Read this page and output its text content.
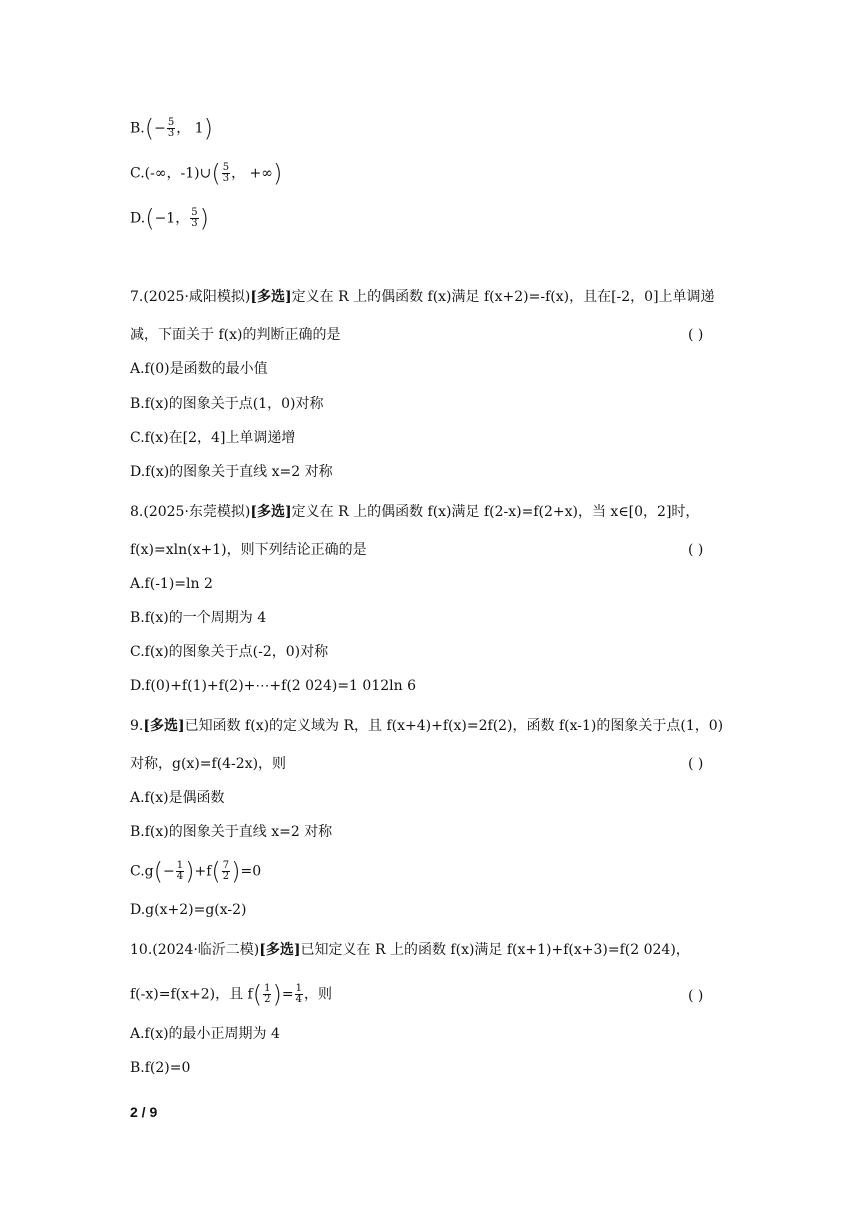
$B.(- \frac{5}{3}$ ， 1)
C.(-∞，-1)∪( $\frac{5}{3}$ ， +∞)
D.(−1， $\frac{5}{3}$ )
7.(2025·咸阳模拟)[多选]定义在 R 上的偶函数 f(x)满足 f(x+2)=-f(x)，且在[-2，0]上单调递
减，下面关于 f(x)的判断正确的是	( )
A.f(0)是函数的最小值
B.f(x)的图象关于点(1，0)对称
C.f(x)在[2，4]上单调递增
D.f(x)的图象关于直线 x=2 对称
8.(2025·东莞模拟)[多选]定义在 R 上的偶函数 f(x)满足 f(2-x)=f(2+x)，当 x∈[0，2]时，
f(x)=xln(x+1)，则下列结论正确的是	( )
A.f(-1)=ln 2
B.f(x)的一个周期为 4
C.f(x)的图象关于点(-2，0)对称
D.f(0)+f(1)+f(2)+⋯+f(2 024)=1 012ln 6
9.[多选]已知函数 f(x)的定义域为 R，且 f(x+4)+f(x)=2f(2)，函数 f(x-1)的图象关于点(1，0)
对称，g(x)=f(4-2x)，则	( )
A.f(x)是偶函数
B.f(x)的图象关于直线 x=2 对称
$C.g(- \frac{1}{4} )+f( \frac{7}{2} )=0$
D.g(x+2)=g(x-2)
10.(2024·临沂二模)[多选]已知定义在 R 上的函数 f(x)满足 f(x+1)+f(x+3)=f(2 024)，
f(-x)=f(x+2)，且 $f( \frac{1}{2}$ )= $\frac{1}{4}$ ，则	( )
A.f(x)的最小正周期为 4
B.f(2)=0
2 / 9
